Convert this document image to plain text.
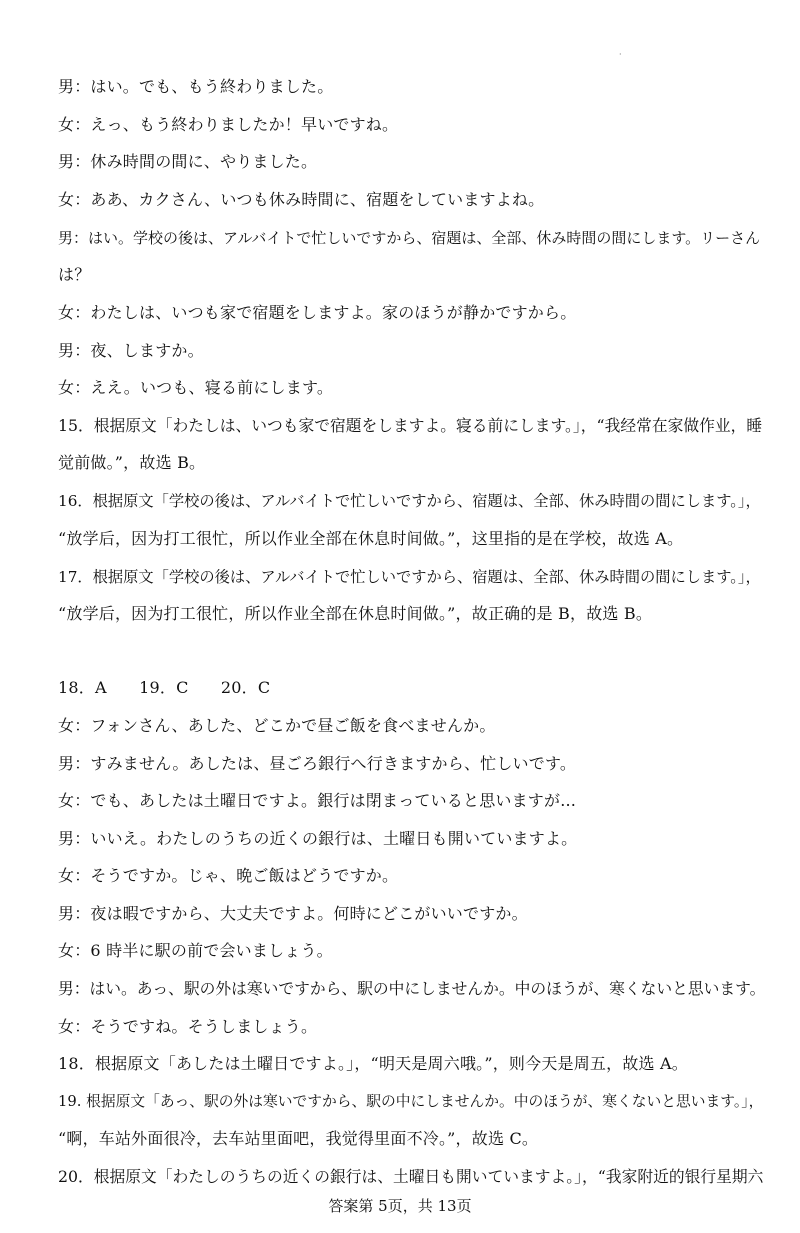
·
男：はい。でも、もう終わりました。
女：えっ、もう終わりましたか！早いですね。
男：休み時間の間に、やりました。
女：ああ、カクさん、いつも休み時間に、宿題をしていますよね。
男：はい。学校の後は、アルバイトで忙しいですから、宿題は、全部、休み時間の間にします。リーさん
は？
女：わたしは、いつも家で宿題をしますよ。家のほうが静かですから。
男：夜、しますか。
女：ええ。いつも、寝る前にします。
15．根据原文「わたしは、いつも家で宿題をしますよ。寝る前にします。」，“我经常在家做作业，睡
觉前做。”，故选 B。
16．根据原文「学校の後は、アルバイトで忙しいですから、宿題は、全部、休み時間の間にします。」，
“放学后，因为打工很忙，所以作业全部在休息时间做。”，这里指的是在学校，故选 A。
17．根据原文「学校の後は、アルバイトで忙しいですから、宿題は、全部、休み時間の間にします。」，
“放学后，因为打工很忙，所以作业全部在休息时间做。”，故正确的是 B，故选 B。
18．A　　19．C　　20．C
女：フォンさん、あした、どこかで昼ご飯を食べませんか。
男：すみません。あしたは、昼ごろ銀行へ行きますから、忙しいです。
女：でも、あしたは土曜日ですよ。銀行は閉まっていると思いますが...
男：いいえ。わたしのうちの近くの銀行は、土曜日も開いていますよ。
女：そうですか。じゃ、晩ご飯はどうですか。
男：夜は暇ですから、大丈夫ですよ。何時にどこがいいですか。
女：6 時半に駅の前で会いましょう。
男：はい。あっ、駅の外は寒いですから、駅の中にしませんか。中のほうが、寒くないと思います。
女：そうですね。そうしましょう。
18．根据原文「あしたは土曜日ですよ。」，“明天是周六哦。”，则今天是周五，故选 A。
19. 根据原文「あっ、駅の外は寒いですから、駅の中にしませんか。中のほうが、寒くないと思います。」，
“啊，车站外面很冷，去车站里面吧，我觉得里面不冷。”，故选 C。
20．根据原文「わたしのうちの近くの銀行は、土曜日も開いていますよ。」，“我家附近的银行星期六
答案第 5页，共 13页
